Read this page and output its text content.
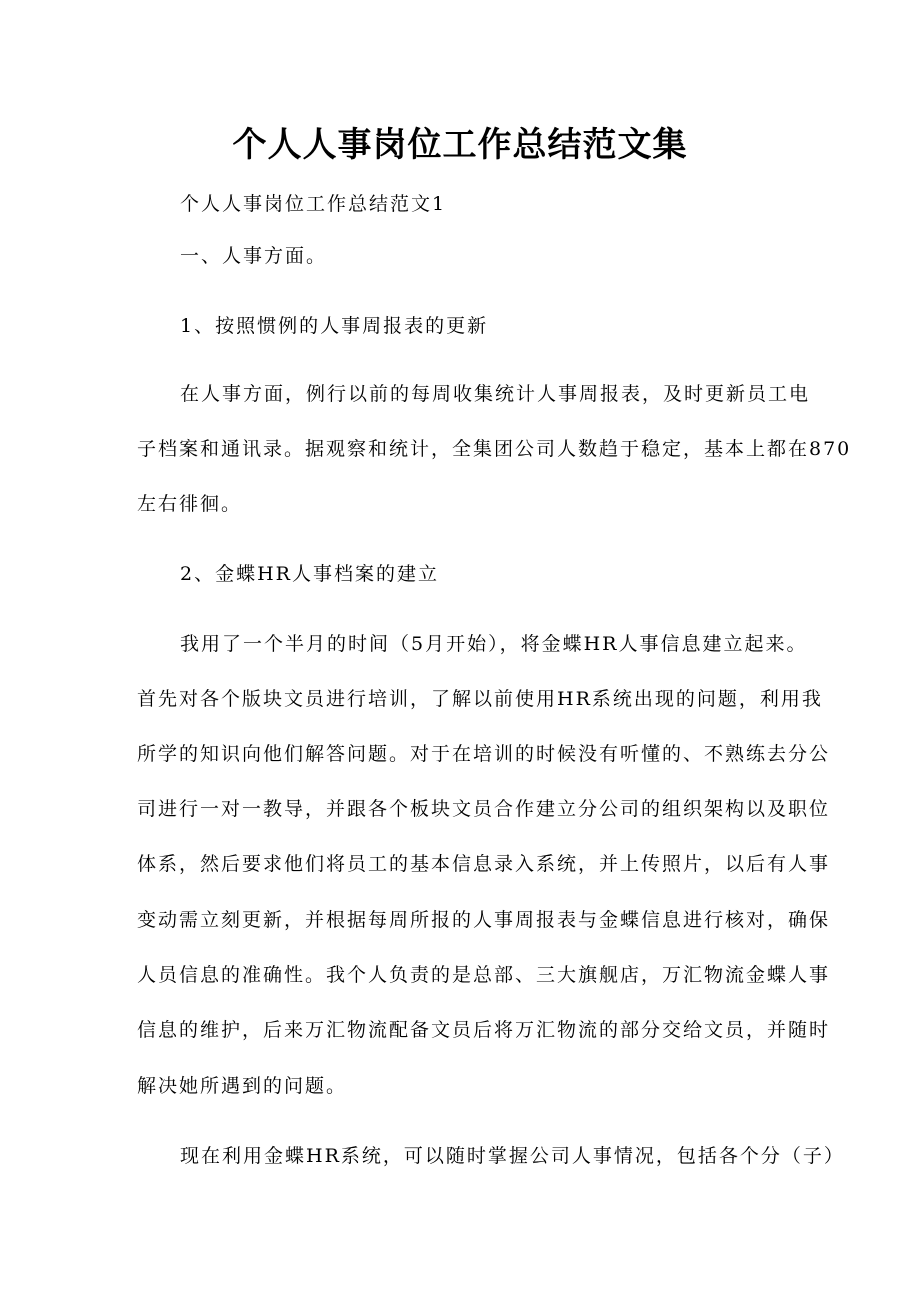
个人人事岗位工作总结范文集
个人人事岗位工作总结范文1
一、人事方面。
1、按照惯例的人事周报表的更新
在人事方面，例行以前的每周收集统计人事周报表，及时更新员工电
子档案和通讯录。据观察和统计，全集团公司人数趋于稳定，基本上都在870
左右徘徊。
2、金蝶HR人事档案的建立
我用了一个半月的时间（5月开始），将金蝶HR人事信息建立起来。
首先对各个版块文员进行培训，了解以前使用HR系统出现的问题，利用我
所学的知识向他们解答问题。对于在培训的时候没有听懂的、不熟练去分公
司进行一对一教导，并跟各个板块文员合作建立分公司的组织架构以及职位
体系，然后要求他们将员工的基本信息录入系统，并上传照片，以后有人事
变动需立刻更新，并根据每周所报的人事周报表与金蝶信息进行核对，确保
人员信息的准确性。我个人负责的是总部、三大旗舰店，万汇物流金蝶人事
信息的维护，后来万汇物流配备文员后将万汇物流的部分交给文员，并随时
解决她所遇到的问题。
现在利用金蝶HR系统，可以随时掌握公司人事情况，包括各个分（子）
